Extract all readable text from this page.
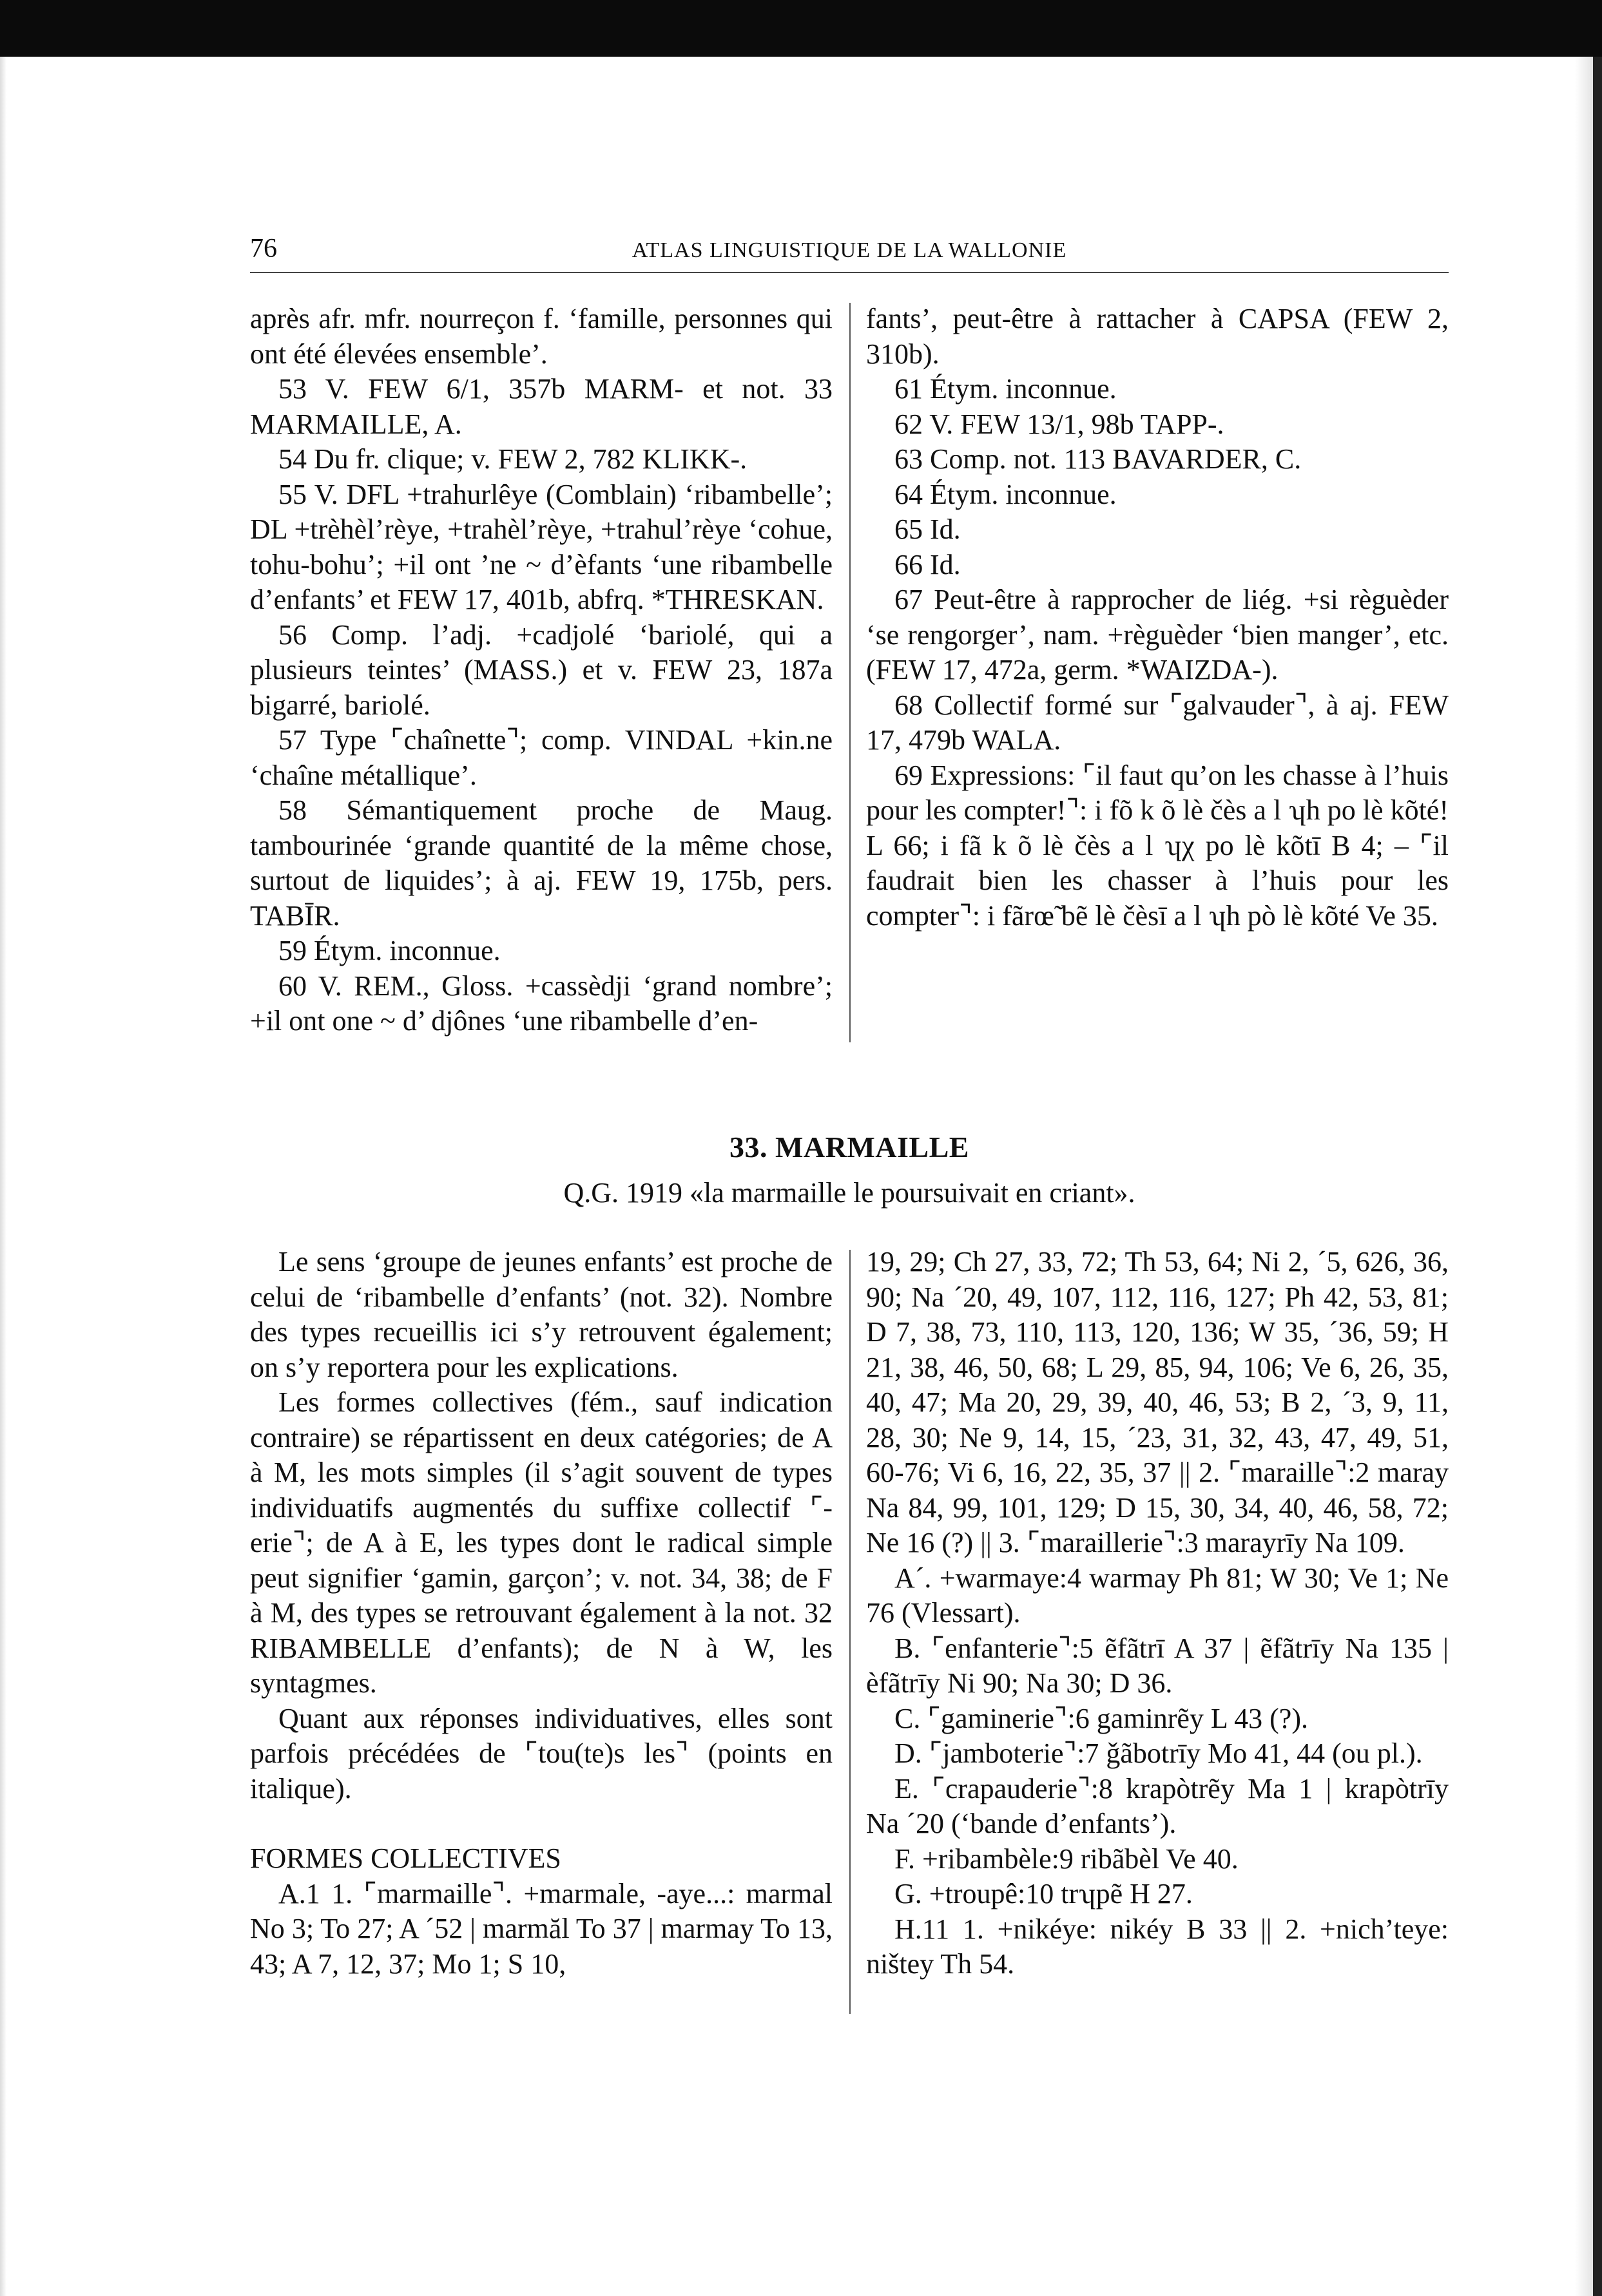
76	ATLAS LINGUISTIQUE DE LA WALLONIE

après afr. mfr. nourreçon f. ‘famille, personnes qui ont été élevées ensemble’.

53 V. FEW 6/1, 357b MARM- et not. 33 MARMAILLE, A.

54 Du fr. clique; v. FEW 2, 782 KLIKK-.

55 V. DFL +trahurlêye (Comblain) ‘ribambelle’; DL +trèhèl’rèye, +trahèl’rèye, +trahul’rèye ‘cohue, tohu-bohu’; +il ont ’ne ~ d’èfants ‘une ribambelle d’enfants’ et FEW 17, 401b, abfrq. *THRESKAN.

56 Comp. l’adj. +cadjolé ‘bariolé, qui a plusieurs teintes’ (MASS.) et v. FEW 23, 187a bigarré, bariolé.

57 Type ⌜chaînette⌝; comp. VINDAL +kin.ne ‘chaîne métallique’.

58 Sémantiquement proche de Maug. tambourinée ‘grande quantité de la même chose, surtout de liquides’; à aj. FEW 19, 175b, pers. TABĪR.

59 Étym. inconnue.

60 V. REM., Gloss. +cassèdji ‘grand nombre’; +il ont one ~ d’ djônes ‘une ribambelle d’en-

fants’, peut-être à rattacher à CAPSA (FEW 2, 310b).

61 Étym. inconnue.

62 V. FEW 13/1, 98b TAPP-.

63 Comp. not. 113 BAVARDER, C.

64 Étym. inconnue.

65 Id.

66 Id.

67 Peut-être à rapprocher de liég. +si règuèder ‘se rengorger’, nam. +règuèder ‘bien manger’, etc. (FEW 17, 472a, germ. *WAIZDA-).

68 Collectif formé sur ⌜galvauder⌝, à aj. FEW 17, 479b WALA.

69 Expressions: ⌜il faut qu’on les chasse à l’huis pour les compter!⌝: i fõ k õ lè čès a l ʮh po lè kõté! L 66; i fã k õ lè čès a l ʮχ po lè kõtī B 4; – ⌜il faudrait bien les chasser à l’huis pour les compter⌝: i fãrœ̃ bẽ lè čèsī a l ʮh pò lè kõté Ve 35.

33. MARMAILLE
Q.G. 1919 «la marmaille le poursuivait en criant».

Le sens ‘groupe de jeunes enfants’ est proche de celui de ‘ribambelle d’enfants’ (not. 32). Nombre des types recueillis ici s’y retrouvent également; on s’y reportera pour les explications.

Les formes collectives (fém., sauf indication contraire) se répartissent en deux catégories; de A à M, les mots simples (il s’agit souvent de types individuatifs augmentés du suffixe collectif ⌜-erie⌝; de A à E, les types dont le radical simple peut signifier ‘gamin, garçon’; v. not. 34, 38; de F à M, des types se retrouvant également à la not. 32 RIBAMBELLE d’enfants); de N à W, les syntagmes.

Quant aux réponses individuatives, elles sont parfois précédées de ⌜tou(te)s les⌝ (points en italique).

FORMES COLLECTIVES

A.1 1. ⌜marmaille⌝. +marmale, -aye...: marmal No 3; To 27; A ´52 | marmăl To 37 | marmay To 13, 43; A 7, 12, 37; Mo 1; S 10,

19, 29; Ch 27, 33, 72; Th 53, 64; Ni 2, ´5, 626, 36, 90; Na ´20, 49, 107, 112, 116, 127; Ph 42, 53, 81; D 7, 38, 73, 110, 113, 120, 136; W 35, ´36, 59; H 21, 38, 46, 50, 68; L 29, 85, 94, 106; Ve 6, 26, 35, 40, 47; Ma 20, 29, 39, 40, 46, 53; B 2, ´3, 9, 11, 28, 30; Ne 9, 14, 15, ´23, 31, 32, 43, 47, 49, 51, 60-76; Vi 6, 16, 22, 35, 37 || 2. ⌜maraille⌝:2 maray Na 84, 99, 101, 129; D 15, 30, 34, 40, 46, 58, 72; Ne 16 (?) || 3. ⌜maraillerie⌝:3 marayrīy Na 109.

A´. +warmaye:4 warmay Ph 81; W 30; Ve 1; Ne 76 (Vlessart).

B. ⌜enfanterie⌝:5 ẽfãtrī A 37 | ẽfãtrīy Na 135 | èfãtrīy Ni 90; Na 30; D 36.

C. ⌜gaminerie⌝:6 gaminrẽy L 43 (?).

D. ⌜jamboterie⌝:7 ǧãbotrīy Mo 41, 44 (ou pl.).

E. ⌜crapauderie⌝:8 krapòtrẽy Ma 1 | krapòtrīy Na ´20 (‘bande d’enfants’).

F. +ribambèle:9 ribãbèl Ve 40.

G. +troupê:10 trʮpẽ H 27.

H.11 1. +nikéye: nikéy B 33 || 2. +nich’teye: ništey Th 54.
